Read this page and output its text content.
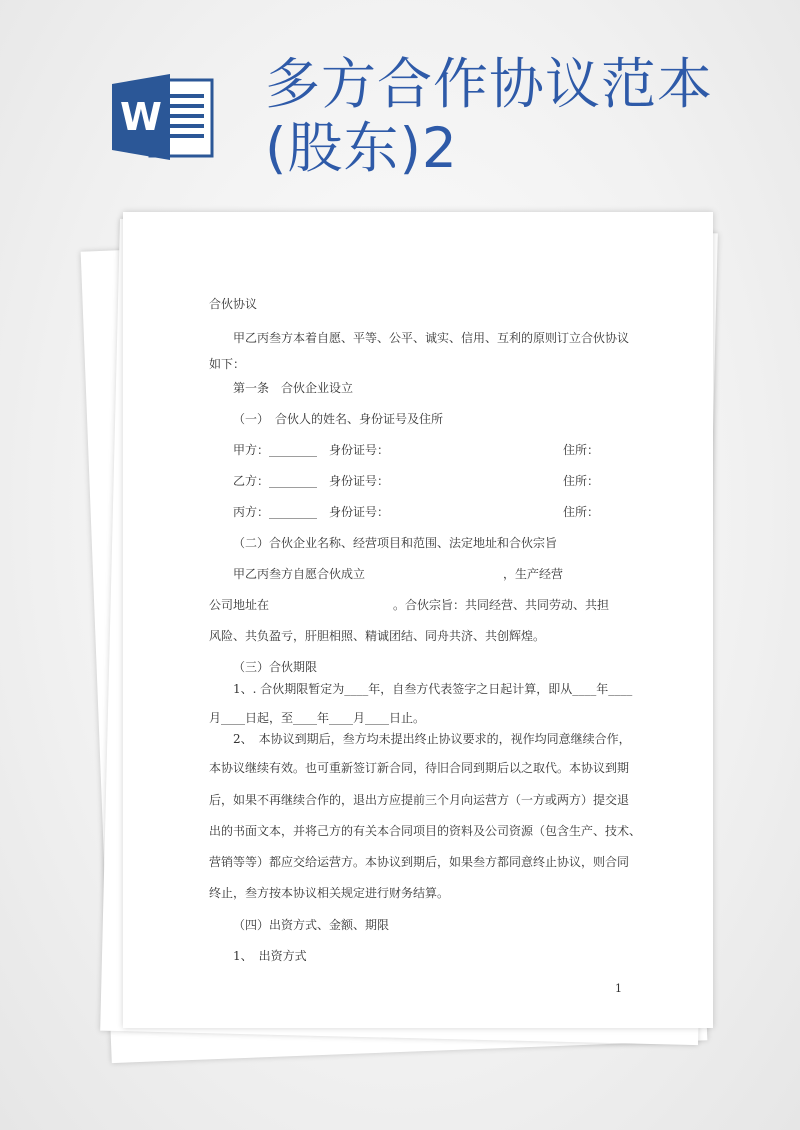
W
多方合作协议范本
(股东)2
合伙协议
甲乙丙叁方本着自愿、平等、公平、诚实、信用、互利的原则订立合伙协议
如下：
第一条　合伙企业设立
（一）　合伙人的姓名、身份证号及住所
甲方：________　身份证号：	住所：
乙方：________　身份证号：	住所：
丙方：________　身份证号：	住所：
（二）合伙企业名称、经营项目和范围、法定地址和合伙宗旨
甲乙丙叁方自愿合伙成立	，生产经营
公司地址在	。合伙宗旨：共同经营、共同劳动、共担
风险、共负盈亏，肝胆相照、精诚团结、同舟共济、共创辉煌。
（三）合伙期限
1、. 合伙期限暂定为____年，自叁方代表签字之日起计算，即从____年____
月____日起，至____年____月____日止。
2、　本协议到期后，叁方均未提出终止协议要求的，视作均同意继续合作，
本协议继续有效。也可重新签订新合同，待旧合同到期后以之取代。本协议到期
后，如果不再继续合作的，退出方应提前三个月向运营方（一方或两方）提交退
出的书面文本，并将己方的有关本合同项目的资料及公司资源（包含生产、技术、
营销等等）都应交给运营方。本协议到期后，如果叁方都同意终止协议，则合同
终止，叁方按本协议相关规定进行财务结算。
（四）出资方式、金额、期限
1、　出资方式
1
